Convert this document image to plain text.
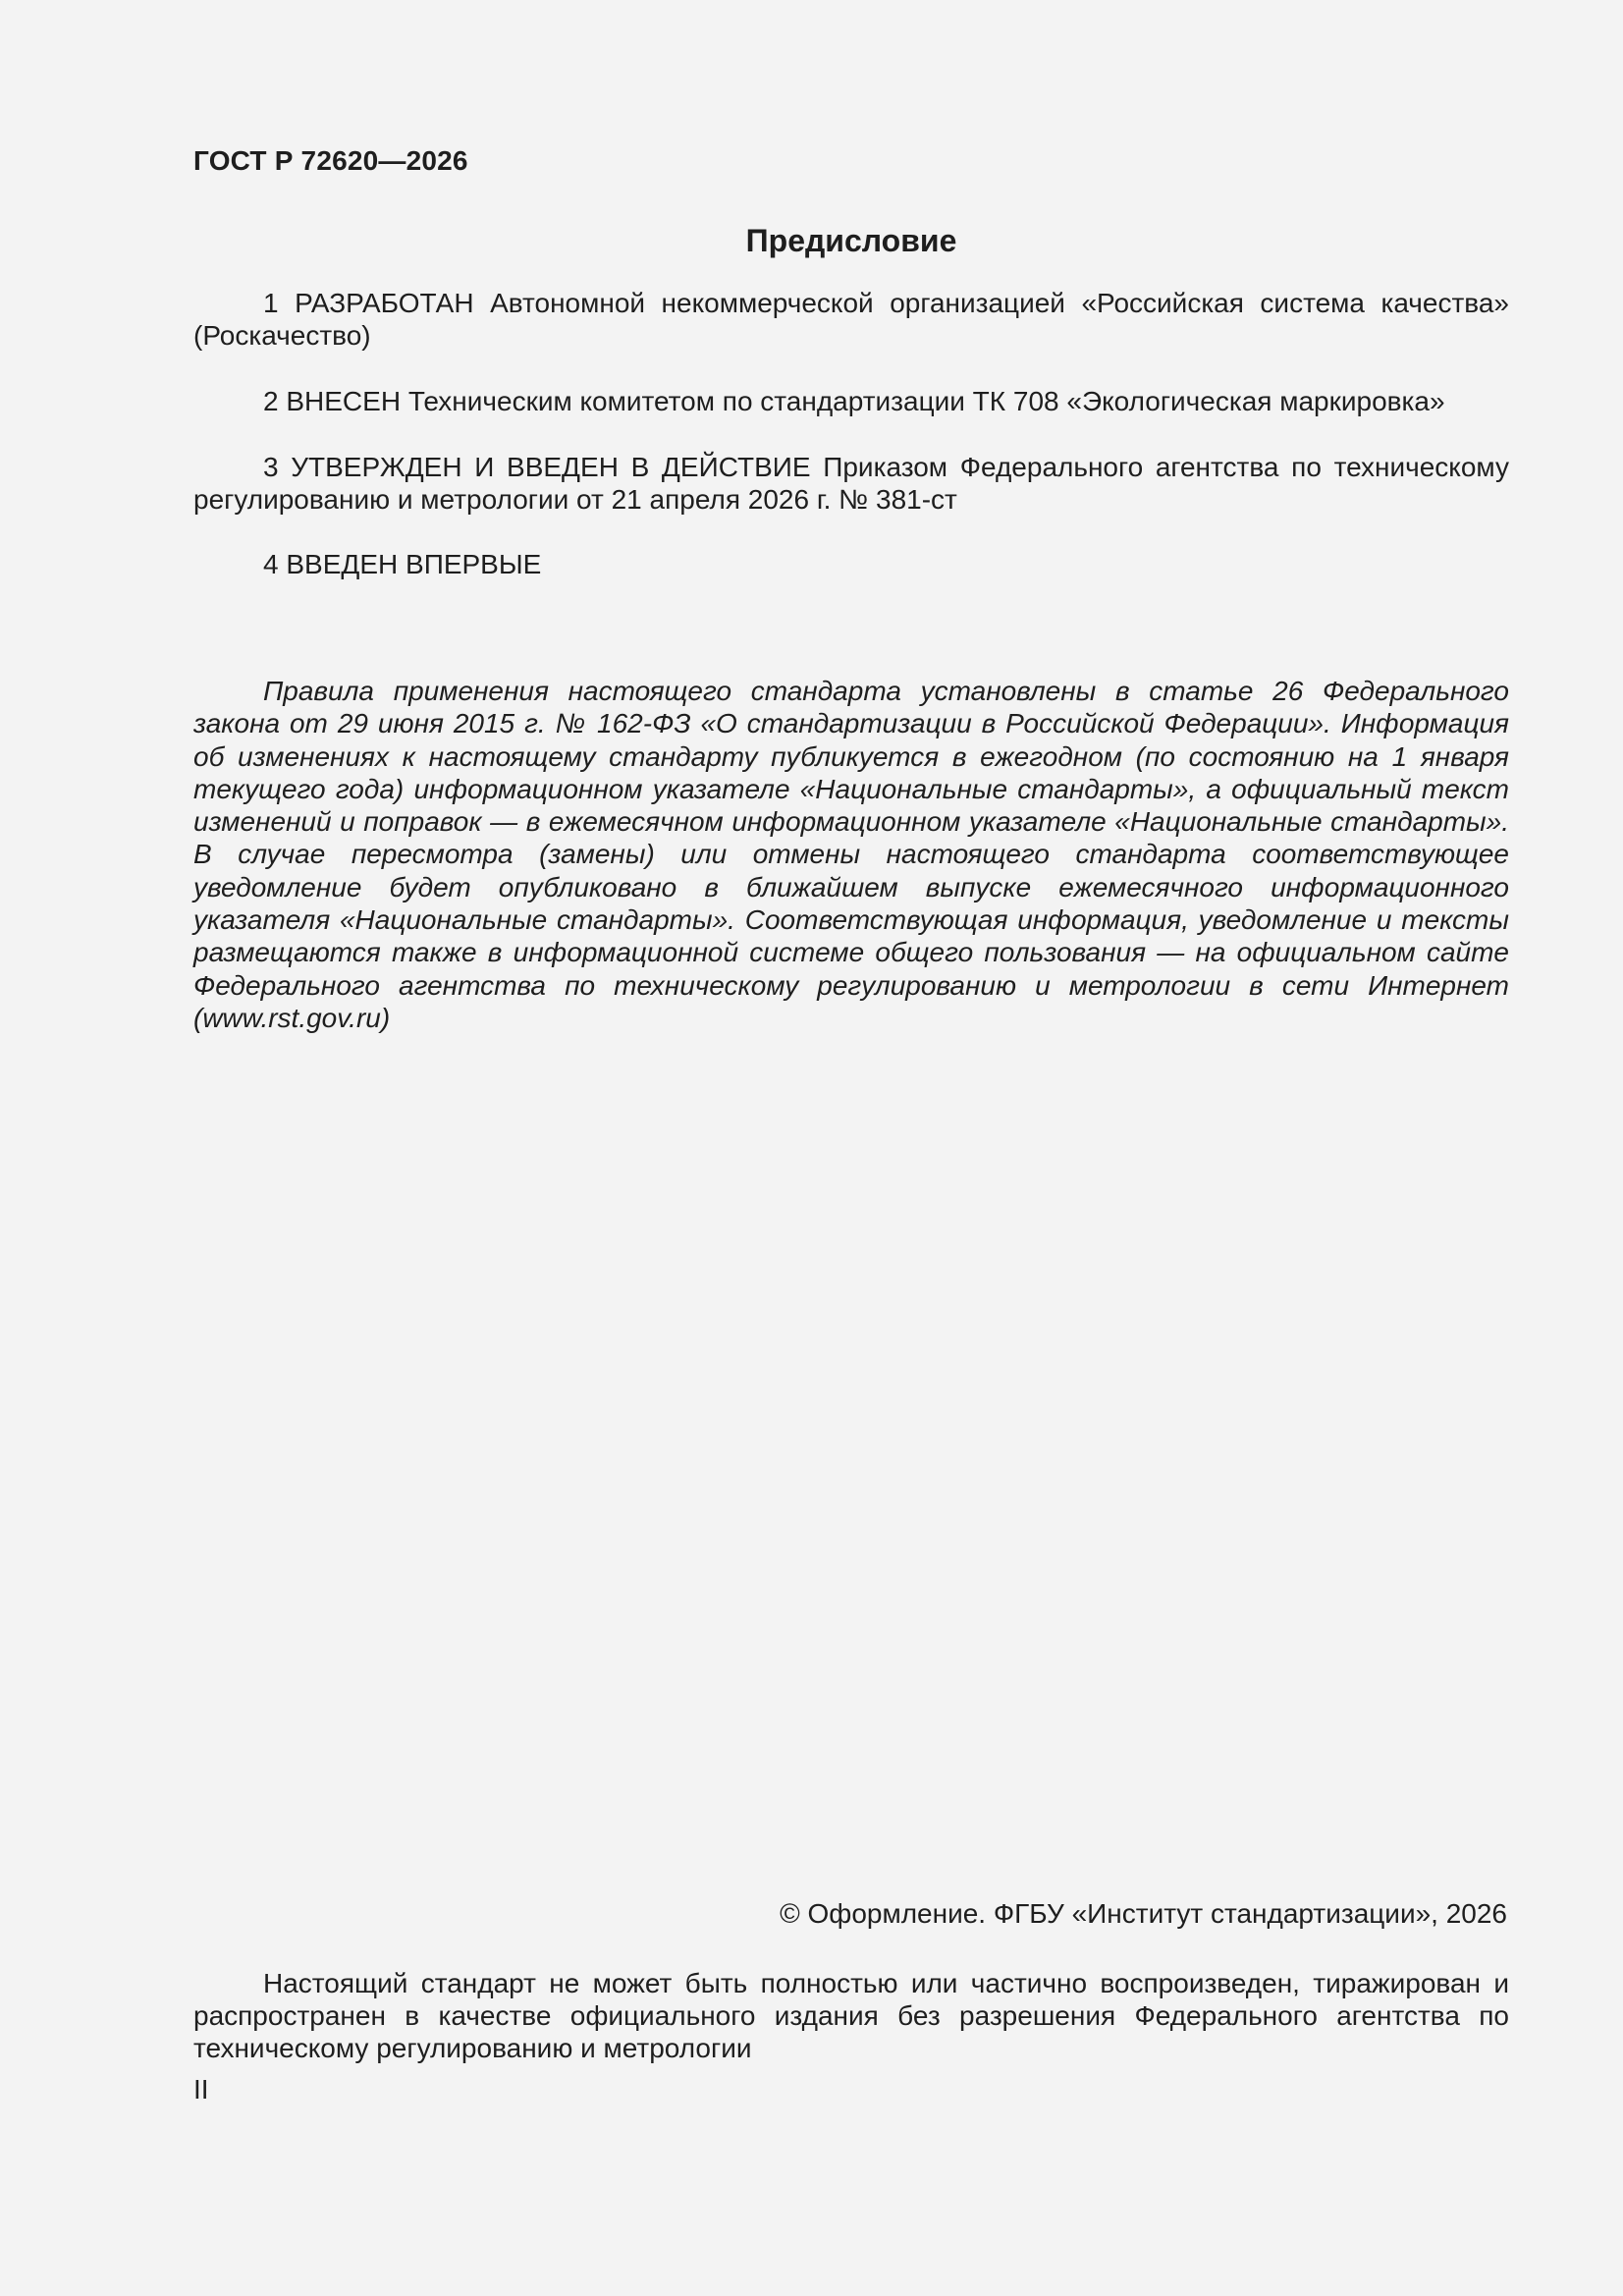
ГОСТ Р 72620—2026
Предисловие
1 РАЗРАБОТАН Автономной некоммерческой организацией «Российская система качества» (Роскачество)
2 ВНЕСЕН Техническим комитетом по стандартизации ТК 708 «Экологическая маркировка»
3 УТВЕРЖДЕН И ВВЕДЕН В ДЕЙСТВИЕ Приказом Федерального агентства по техническому регулированию и метрологии от 21 апреля 2026 г. № 381-ст
4 ВВЕДЕН ВПЕРВЫЕ
Правила применения настоящего стандарта установлены в статье 26 Федерального закона от 29 июня 2015 г. № 162-ФЗ «О стандартизации в Российской Федерации». Информация об изменениях к настоящему стандарту публикуется в ежегодном (по состоянию на 1 января текущего года) информационном указателе «Национальные стандарты», а официальный текст изменений и поправок — в ежемесячном информационном указателе «Национальные стандарты». В случае пересмотра (замены) или отмены настоящего стандарта соответствующее уведомление будет опубликовано в ближайшем выпуске ежемесячного информационного указателя «Национальные стандарты». Соответствующая информация, уведомление и тексты размещаются также в информационной системе общего пользования — на официальном сайте Федерального агентства по техническому регулированию и метрологии в сети Интернет (www.rst.gov.ru)
© Оформление. ФГБУ «Институт стандартизации», 2026
Настоящий стандарт не может быть полностью или частично воспроизведен, тиражирован и распространен в качестве официального издания без разрешения Федерального агентства по техническому регулированию и метрологии
II
